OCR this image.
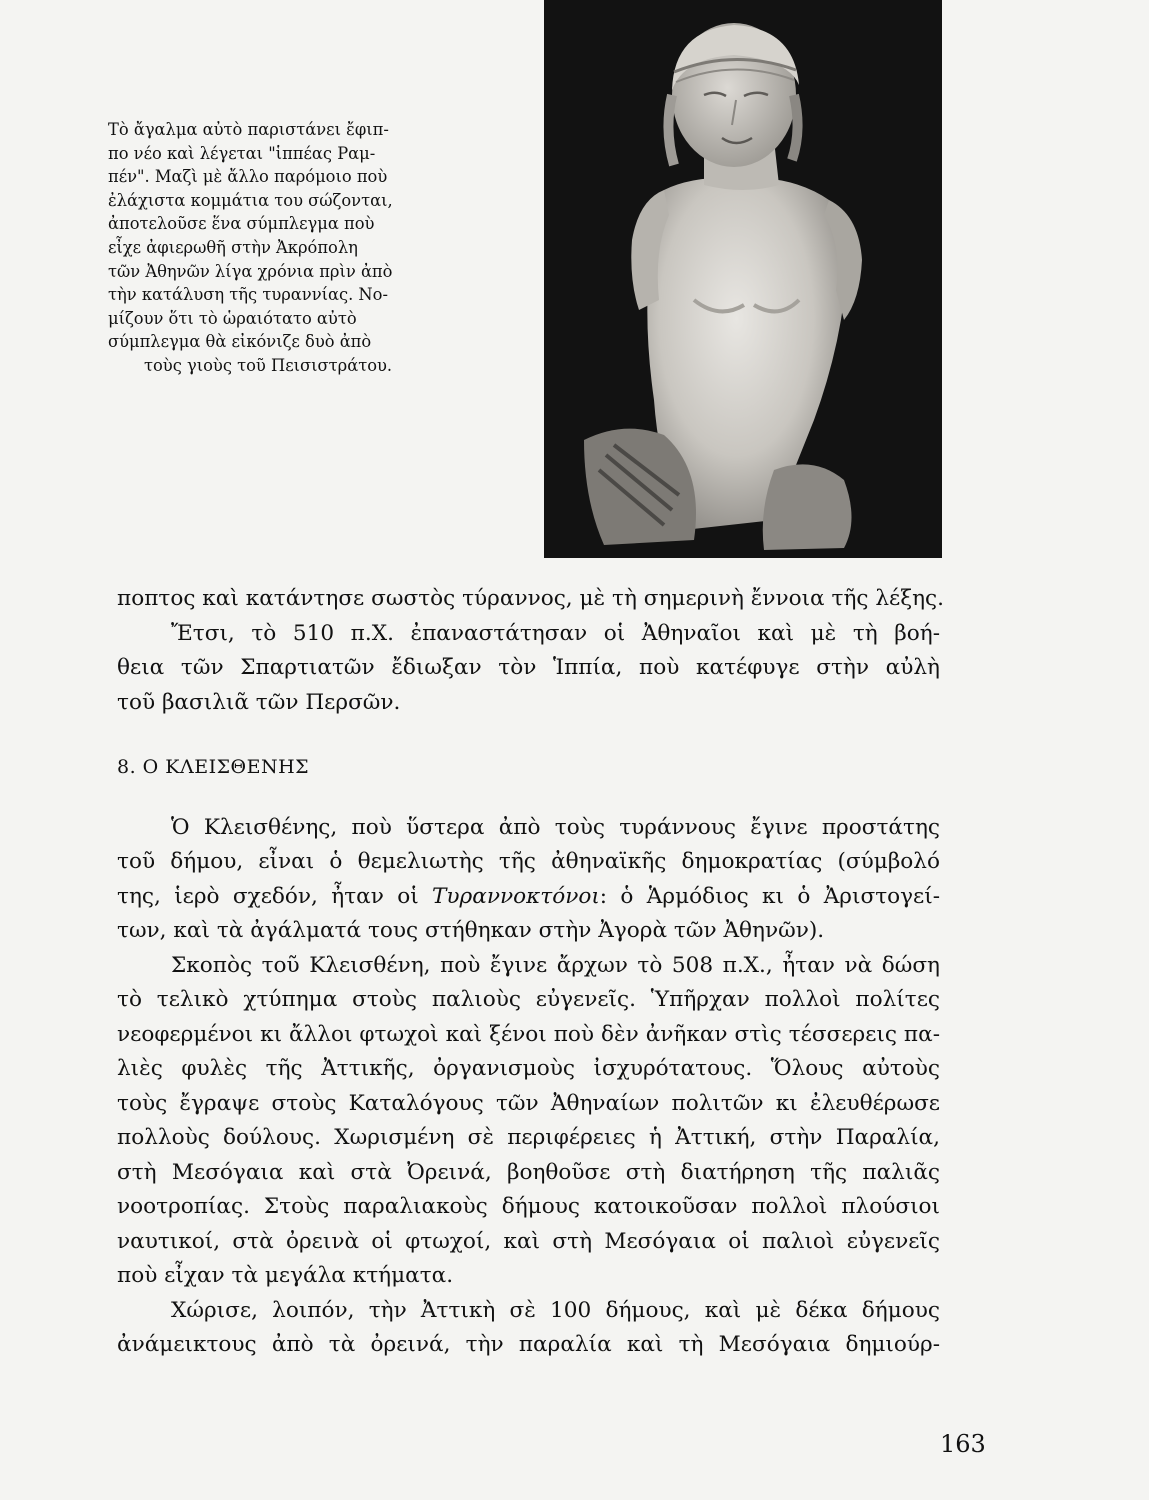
Τὸ ἄγαλμα αὐτὸ παριστάνει ἔφιπ-
πο νέο καὶ λέγεται "ἱππέας Ραμ-
πέν". Μαζὶ μὲ ἄλλο παρόμοιο ποὺ
ἐλάχιστα κομμάτια του σώζονται,
ἀποτελοῦσε ἕνα σύμπλεγμα ποὺ
εἶχε ἀφιερωθῆ στὴν Ἀκρόπολη
τῶν Ἀθηνῶν λίγα χρόνια πρὶν ἀπὸ
τὴν κατάλυση τῆς τυραννίας. Νο-
μίζουν ὅτι τὸ ὡραιότατο αὐτὸ
σύμπλεγμα θὰ εἰκόνιζε δυὸ ἀπὸ
τοὺς γιοὺς τοῦ Πεισιστράτου.
ποπτος καὶ κατάντησε σωστὸς τύραννος, μὲ τὴ σημερινὴ ἔννοια τῆς λέξης.
Ἔτσι, τὸ 510 π.Χ. ἐπαναστάτησαν οἱ Ἀθηναῖοι καὶ μὲ τὴ βοή-
θεια τῶν Σπαρτιατῶν ἔδιωξαν τὸν Ἱππία, ποὺ κατέφυγε στὴν αὐλὴ
τοῦ βασιλιᾶ τῶν Περσῶν.
8. Ο ΚΛΕΙΣΘΕΝΗΣ
Ὁ Κλεισθένης, ποὺ ὕστερα ἀπὸ τοὺς τυράννους ἔγινε προστάτης
τοῦ δήμου, εἶναι ὁ θεμελιωτὴς τῆς ἀθηναϊκῆς δημοκρατίας (σύμβολό
της, ἱερὸ σχεδόν, ἦταν οἱ Τυραννοκτόνοι: ὁ Ἁρμόδιος κι ὁ Ἀριστογεί-
των, καὶ τὰ ἀγάλματά τους στήθηκαν στὴν Ἀγορὰ τῶν Ἀθηνῶν).
Σκοπὸς τοῦ Κλεισθένη, ποὺ ἔγινε ἄρχων τὸ 508 π.Χ., ἦταν νὰ δώση
τὸ τελικὸ χτύπημα στοὺς παλιοὺς εὐγενεῖς. Ὑπῆρχαν πολλοὶ πολίτες
νεοφερμένοι κι ἄλλοι φτωχοὶ καὶ ξένοι ποὺ δὲν ἀνῆκαν στὶς τέσσερεις πα-
λιὲς φυλὲς τῆς Ἀττικῆς, ὀργανισμοὺς ἰσχυρότατους. Ὅλους αὐτοὺς
τοὺς ἔγραψε στοὺς Καταλόγους τῶν Ἀθηναίων πολιτῶν κι ἐλευθέρωσε
πολλοὺς δούλους. Χωρισμένη σὲ περιφέρειες ἡ Ἀττική, στὴν Παραλία,
στὴ Μεσόγαια καὶ στὰ Ὀρεινά, βοηθοῦσε στὴ διατήρηση τῆς παλιᾶς
νοοτροπίας. Στοὺς παραλιακοὺς δήμους κατοικοῦσαν πολλοὶ πλούσιοι
ναυτικοί, στὰ ὀρεινὰ οἱ φτωχοί, καὶ στὴ Μεσόγαια οἱ παλιοὶ εὐγενεῖς
ποὺ εἶχαν τὰ μεγάλα κτήματα.
Χώρισε, λοιπόν, τὴν Ἀττικὴ σὲ 100 δήμους, καὶ μὲ δέκα δήμους
ἀνάμεικτους ἀπὸ τὰ ὀρεινά, τὴν παραλία καὶ τὴ Μεσόγαια δημιούρ-
163
